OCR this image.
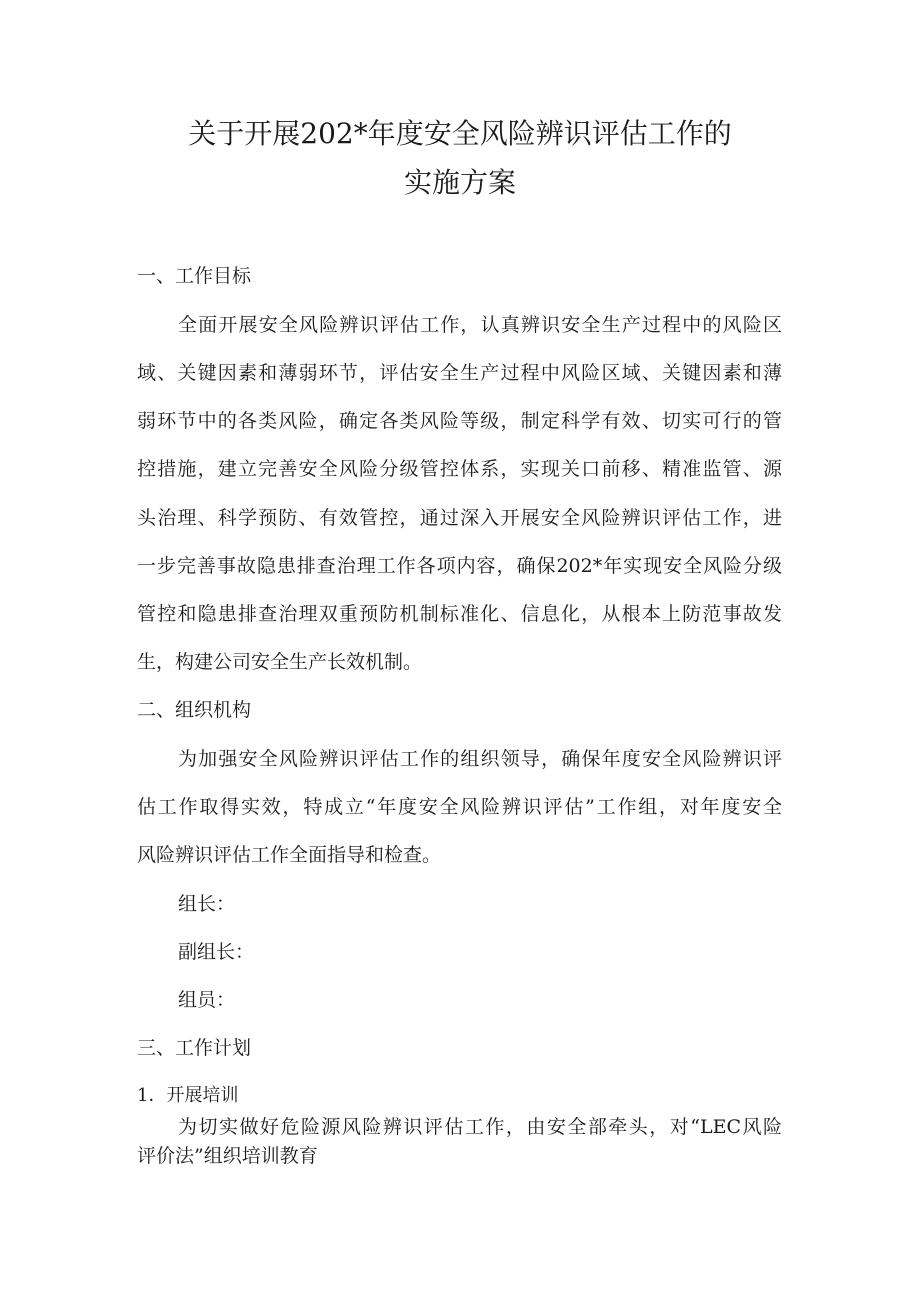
关于开展202*年度安全风险辨识评估工作的
实施方案
一、工作目标
全面开展安全风险辨识评估工作，认真辨识安全生产过程中的风险区
域、关键因素和薄弱环节，评估安全生产过程中风险区域、关键因素和薄
弱环节中的各类风险，确定各类风险等级，制定科学有效、切实可行的管
控措施，建立完善安全风险分级管控体系，实现关口前移、精准监管、源
头治理、科学预防、有效管控，通过深入开展安全风险辨识评估工作，进
一步完善事故隐患排查治理工作各项内容，确保202*年实现安全风险分级
管控和隐患排查治理双重预防机制标准化、信息化，从根本上防范事故发
生，构建公司安全生产长效机制。
二、组织机构
为加强安全风险辨识评估工作的组织领导，确保年度安全风险辨识评
估工作取得实效，特成立“年度安全风险辨识评估”工作组，对年度安全
风险辨识评估工作全面指导和检查。
组长：
副组长：
组员：
三、工作计划
1．开展培训
为切实做好危险源风险辨识评估工作，由安全部牵头，对“LEC风险
评价法”组织培训教育
